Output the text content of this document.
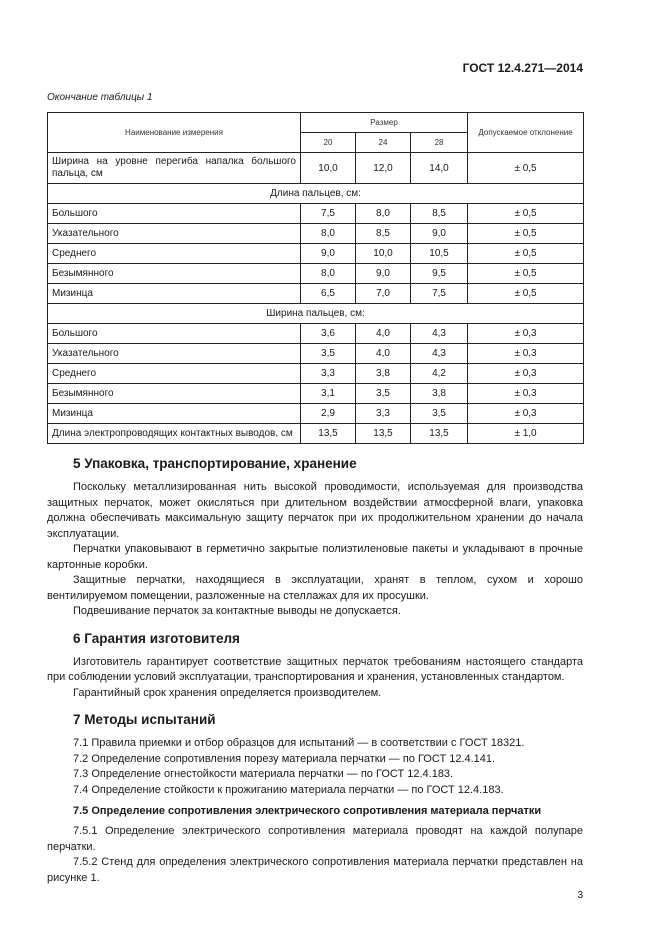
ГОСТ 12.4.271—2014
Окончание таблицы 1
Наименование измерения	Размер			Допускаемое отклонение
	20	24	28	
Ширина на уровне перегиба напалка большого пальца, см	10,0	12,0	14,0	± 0,5
Длина пальцев, см:				
Большого	7,5	8,0	8,5	± 0,5
Указательного	8,0	8,5	9,0	± 0,5
Среднего	9,0	10,0	10,5	± 0,5
Безымянного	8,0	9,0	9,5	± 0,5
Мизинца	6,5	7,0	7,5	± 0,5
Ширина пальцев, см:				
Большого	3,6	4,0	4,3	± 0,3
Указательного	3,5	4,0	4,3	± 0,3
Среднего	3,3	3,8	4,2	± 0,3
Безымянного	3,1	3,5	3,8	± 0,3
Мизинца	2,9	3,3	3,5	± 0,3
Длина электропроводящих контактных выводов, см	13,5	13,5	13,5	± 1,0
5 Упаковка, транспортирование, хранение

Поскольку металлизированная нить высокой проводимости, используемая для производства защитных перчаток, может окисляться при длительном воздействии атмосферной влаги, упаковка должна обеспечивать максимальную защиту перчаток при их продолжительном хранении до начала эксплуатации.

Перчатки упаковывают в герметично закрытые полиэтиленовые пакеты и укладывают в прочные картонные коробки.

Защитные перчатки, находящиеся в эксплуатации, хранят в теплом, сухом и хорошо вентилируемом помещении, разложенные на стеллажах для их просушки.

Подвешивание перчаток за контактные выводы не допускается.

6 Гарантия изготовителя

Изготовитель гарантирует соответствие защитных перчаток требованиям настоящего стандарта при соблюдении условий эксплуатации, транспортирования и хранения, установленных стандартом.

Гарантийный срок хранения определяется производителем.

7 Методы испытаний

7.1 Правила приемки и отбор образцов для испытаний — в соответствии с ГОСТ 18321.

7.2 Определение сопротивления порезу материала перчатки — по ГОСТ 12.4.141.

7.3 Определение огнестойкости материала перчатки — по ГОСТ 12.4.183.

7.4 Определение стойкости к прожиганию материала перчатки — по ГОСТ 12.4.183.

7.5 Определение сопротивления электрического сопротивления материала перчатки

7.5.1 Определение электрического сопротивления материала проводят на каждой полупаре перчатки.

7.5.2 Стенд для определения электрического сопротивления материала перчатки представлен на рисунке 1.

3
